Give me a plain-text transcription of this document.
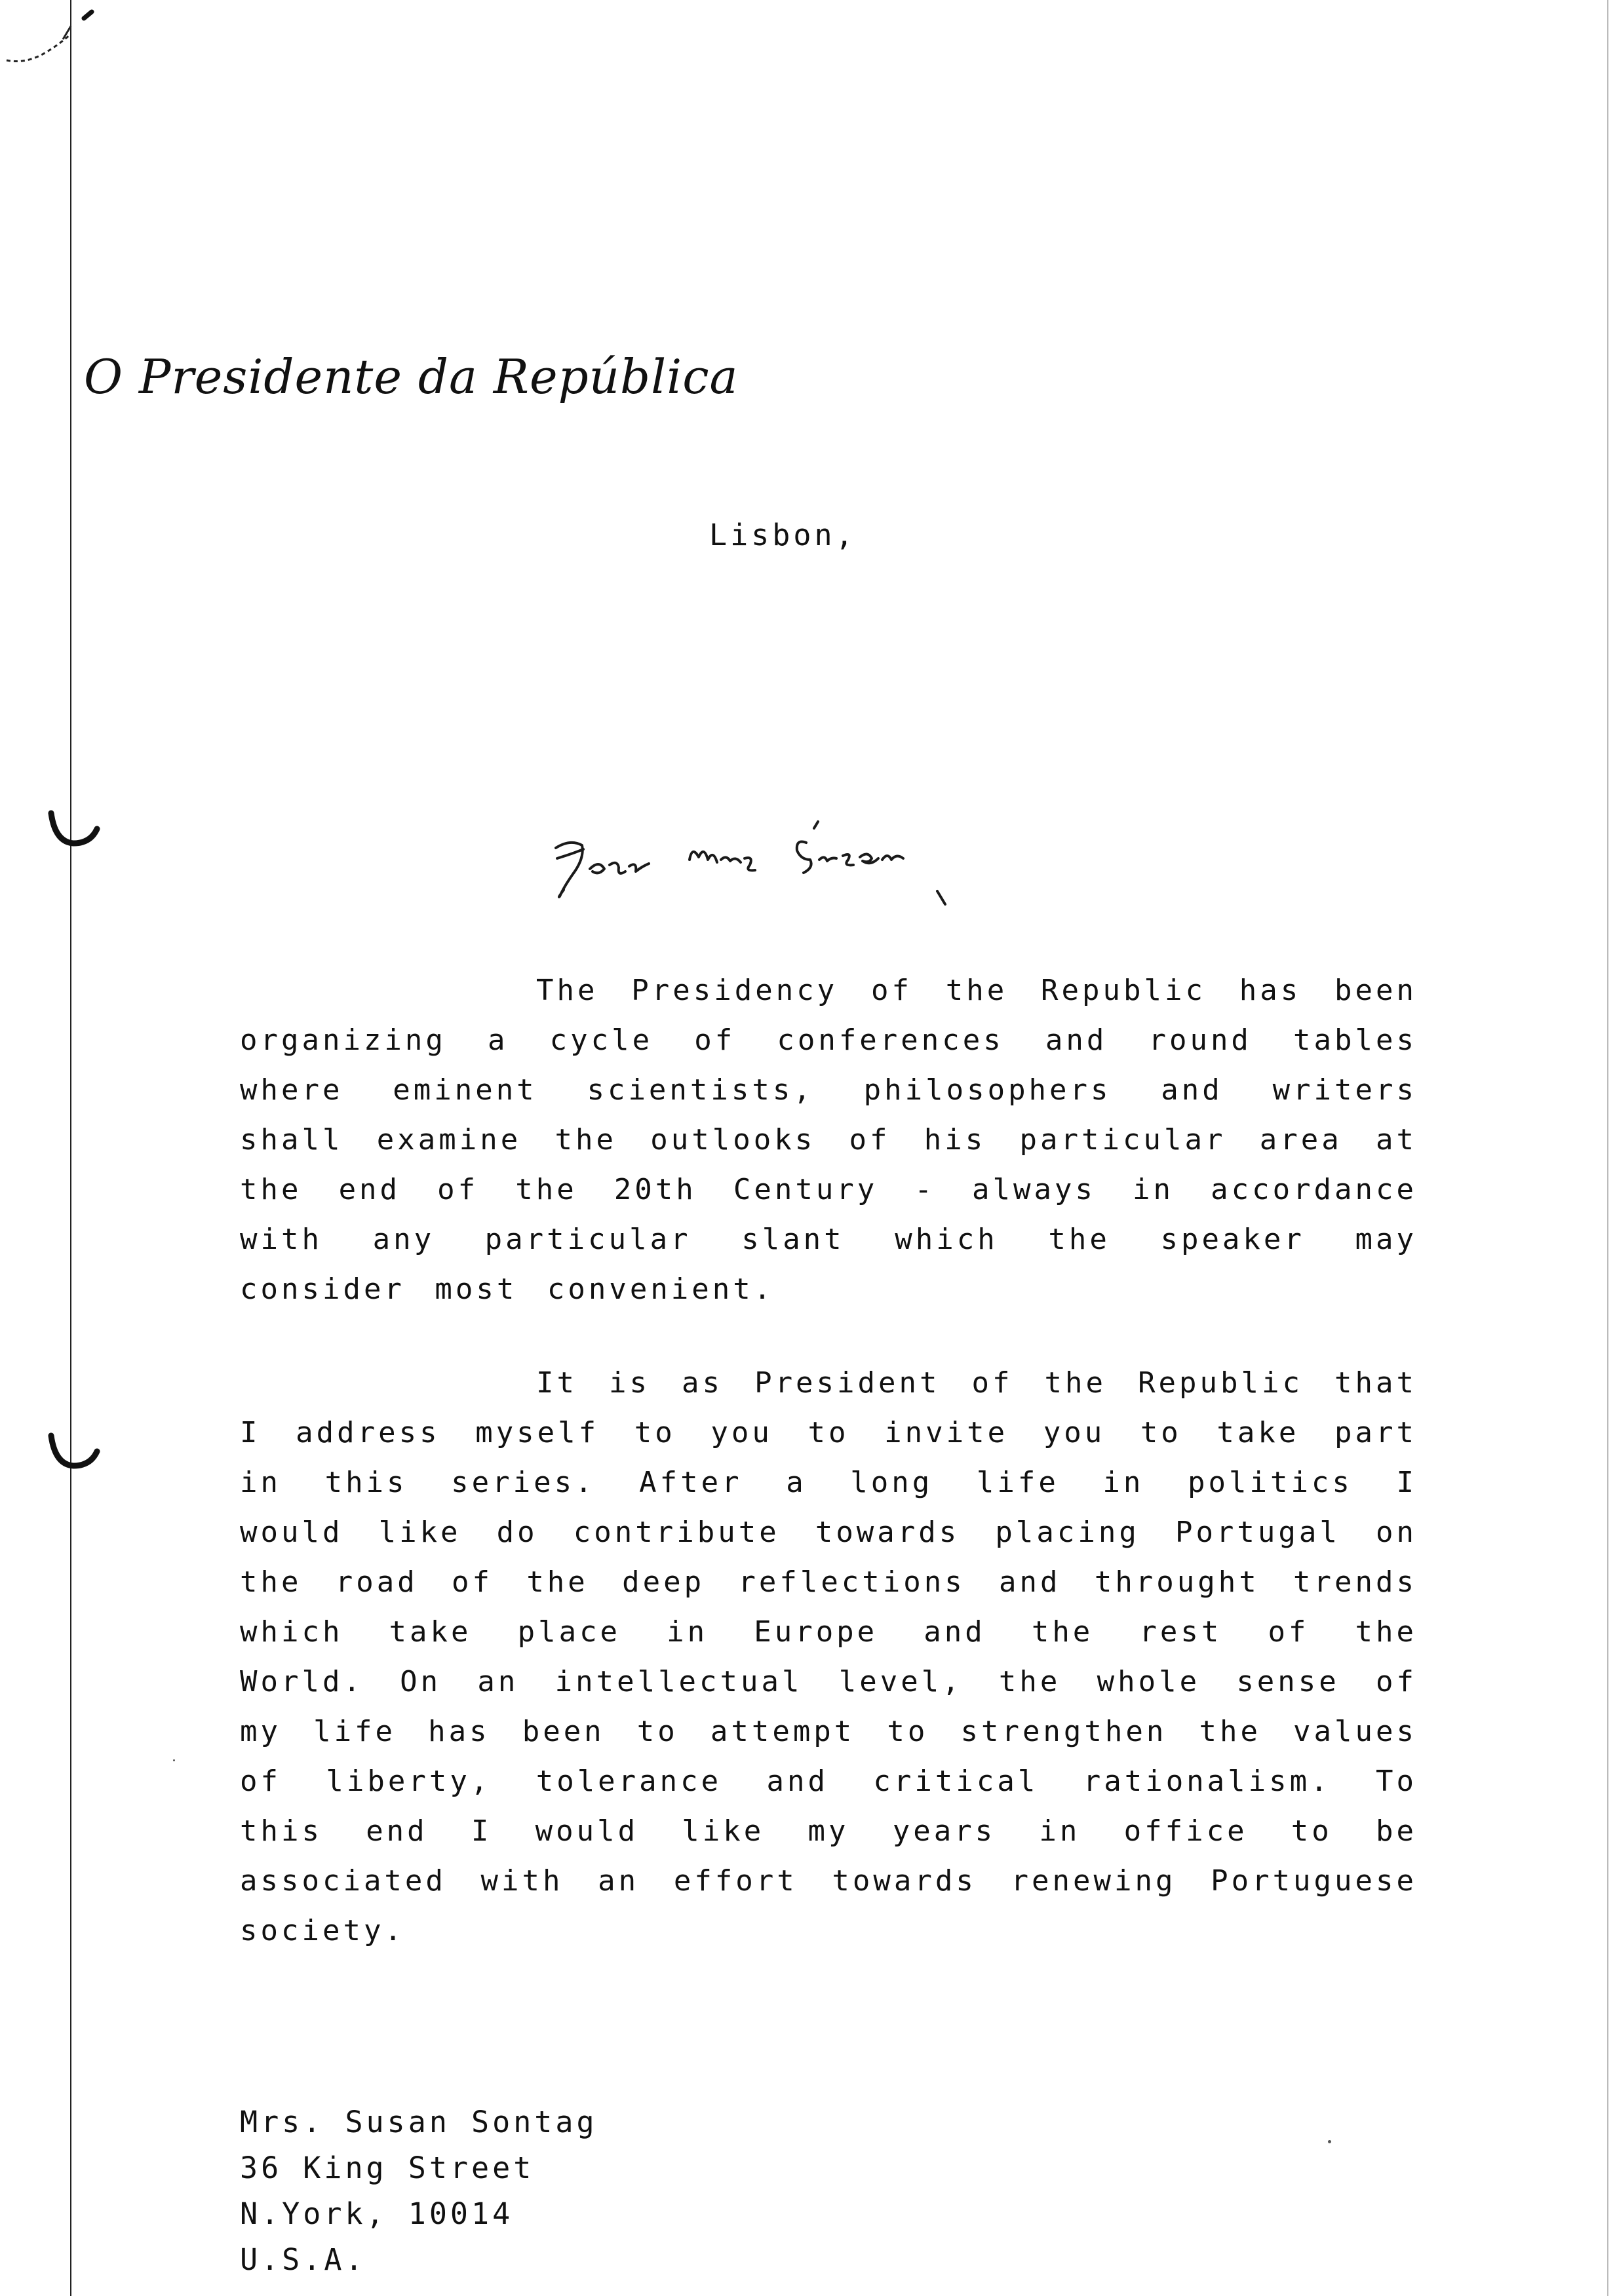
O Presidente da República

Lisbon,

The Presidency of the Republic has been organizing a cycle of conferences and round tables where eminent scientists, philosophers and writers shall examine the outlooks of his particular area at the end of the 20th Century - always in accordance with any particular slant which the speaker may consider most convenient.

It is as President of the Republic that I address myself to you to invite you to take part in this series. After a long life in politics I would like do contribute towards placing Portugal on the road of the deep reflections and throught trends which take place in Europe and the rest of the World. On an intellectual level, the whole sense of my life has been to attempt to strengthen the values of liberty, tolerance and critical rationalism. To this end I would like my years in office to be associated with an effort towards renewing Portuguese society.

Mrs. Susan Sontag
36 King Street
N.York, 10014
U.S.A.
